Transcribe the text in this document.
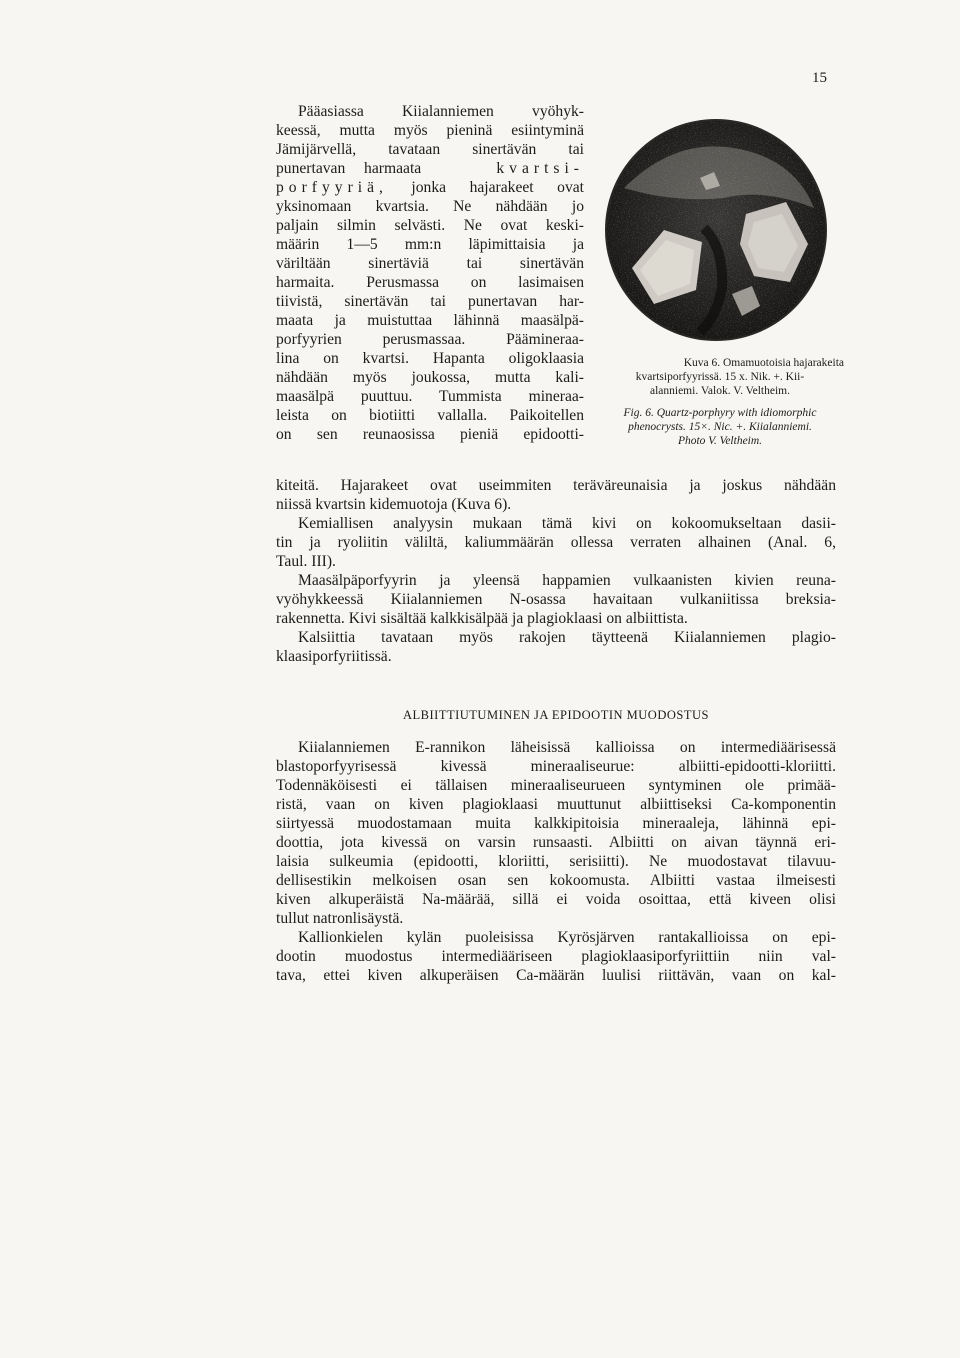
15
Pääasiassa Kiialanniemen vyöhyk-
keessä, mutta myös pieninä esiintyminä
Jämijärvellä, tavataan sinertävän tai
punertavan harmaata	kvartsi-
porfyyriä, jonka hajarakeet ovat
yksinomaan kvartsia. Ne nähdään jo
paljain silmin selvästi. Ne ovat keski-
määrin 1—5 mm:n läpimittaisia ja
väriltään sinertäviä tai sinertävän
harmaita. Perusmassa on lasimaisen
tiivistä, sinertävän tai punertavan har-
maata ja muistuttaa lähinnä maasälpä-
porfyyrien perusmassaa. Päämineraa-
lina on kvartsi. Hapanta oligoklaasia
nähdään myös joukossa, mutta kali-
maasälpä puuttuu. Tummista mineraa-
leista on biotiitti vallalla. Paikoitellen
on sen reunaosissa pieniä epidootti-
Kuva 6. Omamuotoisia hajarakeita
kvartsiporfyyrissä. 15 x. Nik. +. Kii-
alanniemi. Valok. V. Veltheim.
Fig. 6. Quartz-porphyry with idiomorphic
phenocrysts. 15×. Nic. +. Kiialanniemi.
Photo V. Veltheim.

kiteitä. Hajarakeet ovat useimmiten teräväreunaisia ja joskus nähdään
niissä kvartsin kidemuotoja (Kuva 6).

Kemiallisen analyysin mukaan tämä kivi on kokoomukseltaan dasii-
tin ja ryoliitin väliltä, kaliummäärän ollessa verraten alhainen (Anal. 6,
Taul. III).

Maasälpäporfyyrin ja yleensä happamien vulkaanisten kivien reuna-
vyöhykkeessä Kiialanniemen N-osassa havaitaan vulkaniitissa breksia-
rakennetta. Kivi sisältää kalkkisälpää ja plagioklaasi on albiittista.

Kalsiittia tavataan myös rakojen täytteenä Kiialanniemen plagio-
klaasiporfyriitissä.

ALBIITTIUTUMINEN JA EPIDOOTIN MUODOSTUS

Kiialanniemen E-rannikon läheisissä kallioissa on intermediäärisessä
blastoporfyyrisessä kivessä mineraaliseurue: albiitti-epidootti-kloriitti.
Todennäköisesti ei tällaisen mineraaliseurueen syntyminen ole primää-
ristä, vaan on kiven plagioklaasi muuttunut albiittiseksi Ca-komponentin
siirtyessä muodostamaan muita kalkkipitoisia mineraaleja, lähinnä epi-
doottia, jota kivessä on varsin runsaasti. Albiitti on aivan täynnä eri-
laisia sulkeumia (epidootti, kloriitti, serisiitti). Ne muodostavat tilavuu-
dellisestikin melkoisen osan sen kokoomusta. Albiitti vastaa ilmeisesti
kiven alkuperäistä Na-määrää, sillä ei voida osoittaa, että kiveen olisi
tullut natronlisäystä.

Kallionkielen kylän puoleisissa Kyrösjärven rantakallioissa on epi-
dootin muodostus intermediääriseen plagioklaasiporfyriittiin niin val-
tava, ettei kiven alkuperäisen Ca-määrän luulisi riittävän, vaan on kal-
